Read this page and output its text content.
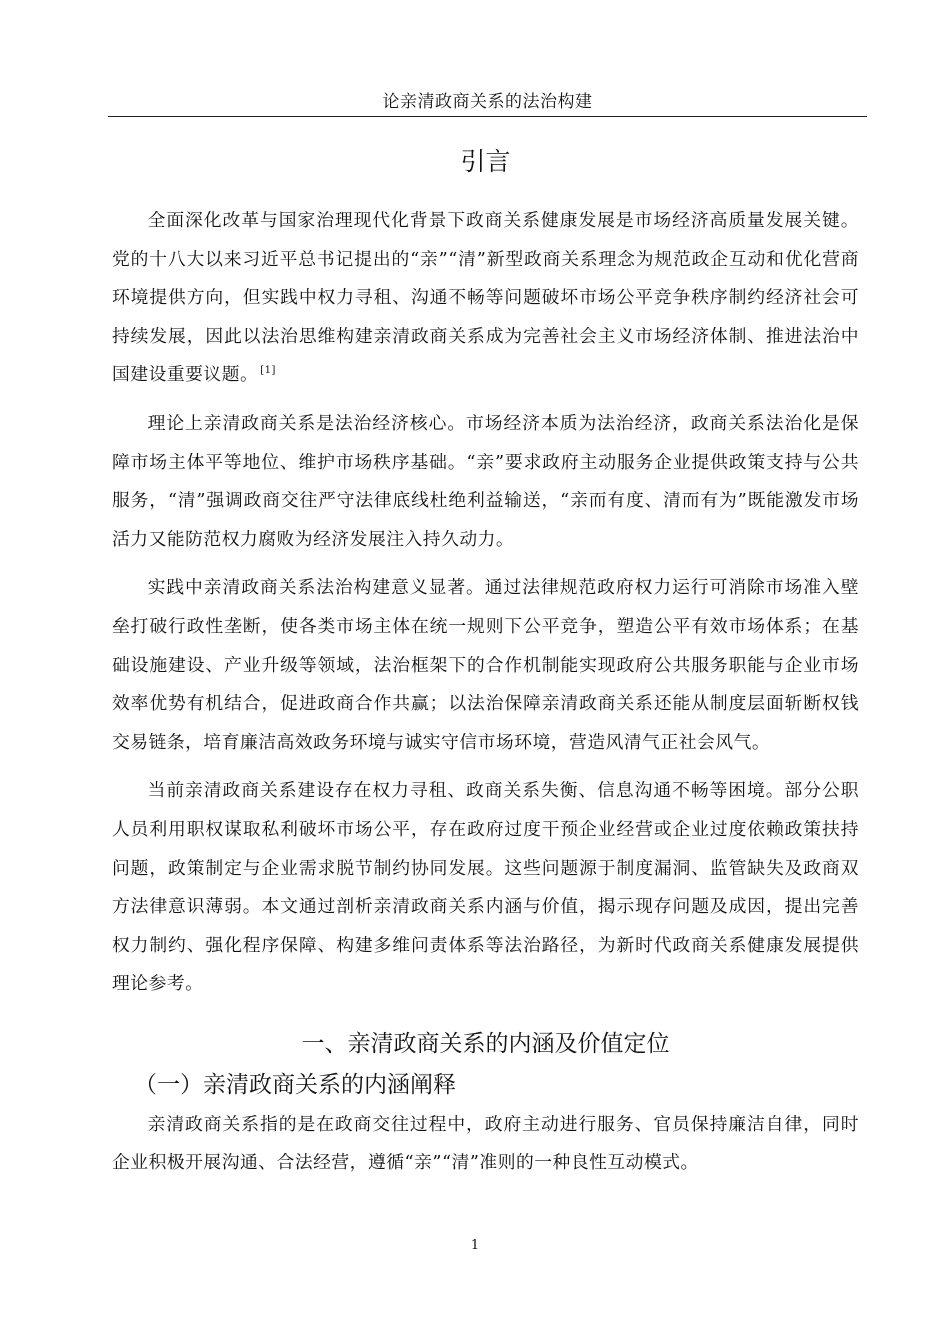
论亲清政商关系的法治构建
引言

全面深化改革与国家治理现代化背景下政商关系健康发展是市场经济高质量发展关键。党的十八大以来习近平总书记提出的“亲”“清”新型政商关系理念为规范政企互动和优化营商环境提供方向，但实践中权力寻租、沟通不畅等问题破坏市场公平竞争秩序制约经济社会可持续发展，因此以法治思维构建亲清政商关系成为完善社会主义市场经济体制、推进法治中国建设重要议题。 [1]

理论上亲清政商关系是法治经济核心。市场经济本质为法治经济，政商关系法治化是保障市场主体平等地位、维护市场秩序基础。“亲”要求政府主动服务企业提供政策支持与公共服务，“清”强调政商交往严守法律底线杜绝利益输送，“亲而有度、清而有为”既能激发市场活力又能防范权力腐败为经济发展注入持久动力。

实践中亲清政商关系法治构建意义显著。通过法律规范政府权力运行可消除市场准入壁垒打破行政性垄断，使各类市场主体在统一规则下公平竞争，塑造公平有效市场体系；在基础设施建设、产业升级等领域，法治框架下的合作机制能实现政府公共服务职能与企业市场效率优势有机结合，促进政商合作共赢；以法治保障亲清政商关系还能从制度层面斩断权钱交易链条，培育廉洁高效政务环境与诚实守信市场环境，营造风清气正社会风气。

当前亲清政商关系建设存在权力寻租、政商关系失衡、信息沟通不畅等困境。部分公职人员利用职权谋取私利破坏市场公平，存在政府过度干预企业经营或企业过度依赖政策扶持问题，政策制定与企业需求脱节制约协同发展。这些问题源于制度漏洞、监管缺失及政商双方法律意识薄弱。本文通过剖析亲清政商关系内涵与价值，揭示现存问题及成因，提出完善权力制约、强化程序保障、构建多维问责体系等法治路径，为新时代政商关系健康发展提供理论参考。

一、亲清政商关系的内涵及价值定位
（一）亲清政商关系的内涵阐释

亲清政商关系指的是在政商交往过程中，政府主动进行服务、官员保持廉洁自律，同时企业积极开展沟通、合法经营，遵循“亲”“清”准则的一种良性互动模式。

1
